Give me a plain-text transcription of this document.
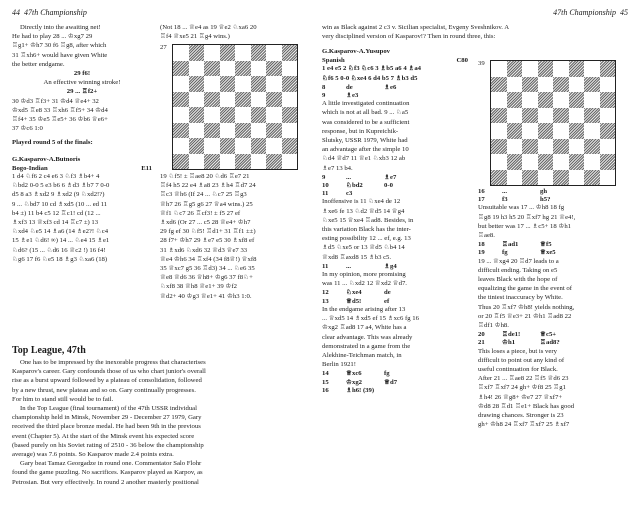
44 47th Championship

Directly into the awaiting net!

He had to play 28 ... ♔xg7 29

♖g1+ ♔h7 30 f6 ♖g8, after which

31 ♖xh6+ would have given White

the better endgame.

29 f6!

An effective winning stroke!

29 ... ♖f2+

30 ♔d3 ♖f3+ 31 ♔d4 ♕e4+ 32

♔xd5 ♖e8 33 ♖xh6 ♖f5+ 34 ♔d4

♖f4+ 35 ♔e5 ♖e5+ 36 ♔b6 ♕e6+

37 ♔c6 1:0

Played round 5 of the finals:

G.Kasparov-A.Butnoris

Bogo-Indian	E11

1 d4 ♘f6 2 c4 e6 3 ♘f3 ♗b4+ 4

♘bd2 0-0 5 e3 b6 6 ♗d3 ♗b7 7 0-0

d5 8 a3 ♗xd2 9 ♗xd2 (9 ♘xd2!?)

9 ... ♘bd7 10 cd ♗xd5 (10 ... ed 11

b4 ±) 11 b4 c5 12 ♖c1! cd (12 ...

♗xf3 13 ♕xf3 cd 14 ♖c7 ±) 13

♘xd4 ♘e5 14 ♗a6 (14 ♗e2?! ♘c4

15 ♗e1 ♘d6! ∞) 14 ... ♘e4 15 ♗e1

♘d6? (15 ... ♘d6 16 ♕c2 !) 16 f4!

♘g6 17 f6 ♘e5 18 ♗g3 ♘xa6 (18)

(Not 18 ... ♕e4 as 19 ♕e2 ♘xa6 20

♖f4 ♕xe5 21 ♖g4 wins.)

27

19 ♘f5! ± ♖ae8 20 ♘d6 ♖e7 21

♖f4 h5 22 e4 ♗a8 23 ♗h4 ♖d7 24

♖c3 ♕h6 (If 24 ... ♘c7 25 ♖g3

♕h7 26 ♖g5 g6 27 ♕a4 wins.) 25

♕f1 ♘c7 26 ♖cf3! ± f5 27 ef

♗xd6 (Or 27 ... c5 28 ♕e4+ ♔h7

29 fg ef 30 ♘f5! ♖d1+ 31 ♖f1 ±±)

28 f7+ ♔h7 29 ♗e7 e5 30 ♗xf8 ef

31 ♗xd6 ♘xd6 32 ♕d3 ♕e7 33

♕e4 ♔h6 34 ♖xf4 (34 f8♕!) ♕xf8

35 ♕xc7 g5 36 ♖d3) 34 ... ♘e6 35

♕e8 ♕d6 36 ♕h8+ ♔g6 37 f8♘+

♘xf8 38 ♕h8 ♕e1+ 39 ♔f2

♕d2+ 40 ♔g3 ♕e1+ 41 ♔h3 1:0.

Top League, 47th

One has to be impressed by the inexorable progress that characterises

Kasparov's career. Gary confounds those of us who chart junior's overall

rise as a burst upward followed by a plateau of consolidation, followed

by a new thrust, new plateau and so on. Gary continually progresses.

For him to stand still would be to fail.

In the Top League (final tournament) of the 47th USSR individual

championship held in Minsk, November 29 - December 27 1979, Gary

received the third place bronze medal. He had been 9th in the previous

event (Chapter 5). At the start of the Minsk event his expected score

(based purely on his Soviet rating of 2510 - 36 below the championship

average) was 7.6 points. So Kasparov made 2.4 points extra.

Gary beat Tamaz Georgadze in round one. Commentator Salo Flohr

found the game puzzling. No sacrifices. Kasparov played as Karpov, as

Petrosian. But very effectively. In round 2 another masterly positional

47th Championship 45

win as Black against 2 c3 v. Sicilian specialist, Evgeny Sveshnikov. A

very disciplined version of Kasparov!? Then in round three, this:

G.Kasparov-A.Yusupov

Spanish	C80

1 e4 e5 2 ♘f3 ♘c6 3 ♗b5 a6 4 ♗a4

♘f6 5 0-0 ♘xe4 6 d4 b5 7 ♗b3 d5

8	de	♗e6
9	♗e3

A little investigated continuation

which is not at all bad. 9 ... ♘a5

was considered to be a sufficient

response, but in Kupreichik-

Slutsky, USSR 1979, White had

an advantage after the simple 10

♘d4 ♕d7 11 ♕e1 ♘xb3 12 ab

♗e7 13 b4.

9	...	♗e7
10	♘bd2	0-0
11	c3

Inoffensive is 11 ♘xe4 de 12

♗xe6 fe 13 ♘d2 ♕d5 14 ♕g4

♘xe5 15 ♕xe4 ♖ad8. Besides, in

this variation Black has the inter-

esting possibility 12 ... ef, e.g. 13

♗d5 ♘xe5 or 13 ♕d5 ♘b4 14

♕xd8 ♖axd8 15 ♗b3 c5.

11	...	♗g4

In my opinion, more promising

was 11 ... ♘xd2 12 ♕xd2 ♕d7.

12	♘xe4	de
13	♕d5!	ef

In the endgame arising after 13

... ♕xd5 14 ♗xd5 ef 15 ♗xc6 fg 16

♔xg2 ♖ad8 17 a4, White has a

clear advantage. This was already

demonstrated in a game from the

Alekhine-Teichman match, in

Berlin 1921!

14	♕xc6	fg
15	♔xg2	♕d7
16	♗h6! (39)
39
16	...	gh
17	f3	h5?

Unsuitable was 17 ... ♔h8 18 fg

♖g8 19 h3 h5 20 ♖xf7 hg 21 ♕e4!,

but better was 17 ... ♗c5+ 18 ♔h1

♖ae8.

18	♖ad1	♕f5
19	fg	♕xe5

19 ... ♕xg4 20 ♖d7 leads to a

difficult ending. Taking on e5

leaves Black with the hope of

equalizing the game in the event of

the tiniest inaccuracy by White.

Thus 20 ♖xf7 ♔h8! yields nothing,

or 20 ♖f5 ♕e3+ 21 ♔h1 ♖ad8 22

♖df1 ♔h8.

20	♖de1!	♕c5+
21	♔h1	♖ad8?

This loses a piece, but is very

difficult to point out any kind of

useful continuation for Black.

After 21 ... ♖ae8 22 ♖f5 ♕d6 23

♖xf7 ♖xf7 24 gh+ ♔f8 25 ♖g1

♗h4! 26 ♕g8+ ♔e7 27 ♕xf7+

♔d8 28 ♖d1 ♖e1+ Black has good

drawing chances. Stronger is 23

gh+ ♔h8 24 ♖xf7 ♖xf7 25 ♗xf7
